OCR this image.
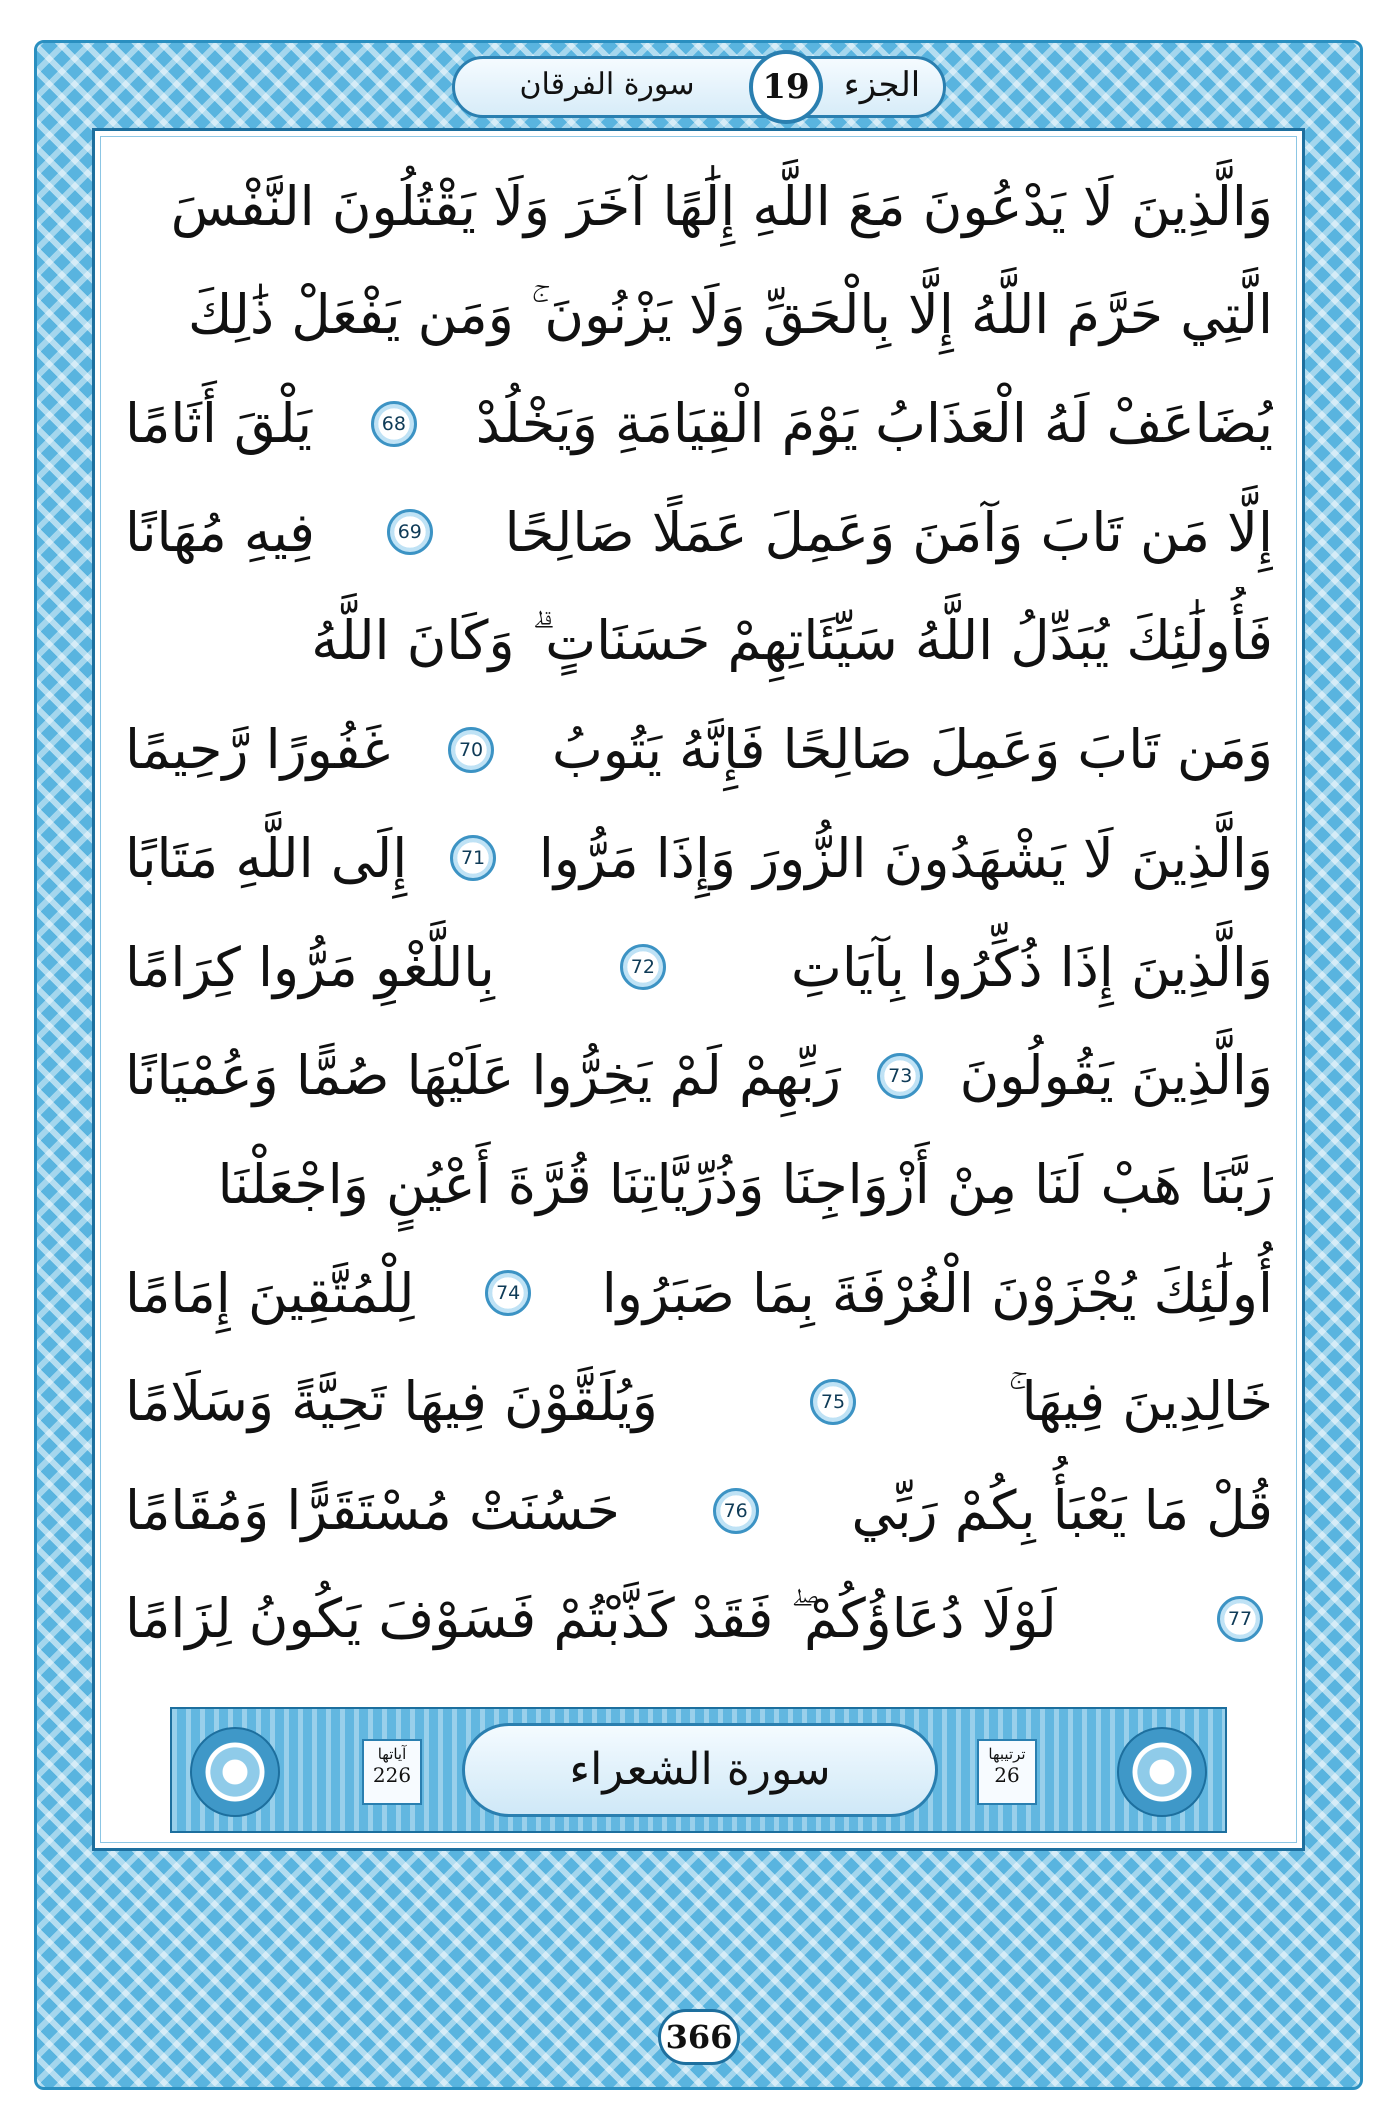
الجزء
19
سورة الفرقان
وَالَّذِينَ لَا يَدْعُونَ مَعَ اللَّهِ إِلَٰهًا آخَرَ وَلَا يَقْتُلُونَ النَّفْسَ
الَّتِي حَرَّمَ اللَّهُ إِلَّا بِالْحَقِّ وَلَا يَزْنُونَ ۚ وَمَن يَفْعَلْ ذَٰلِكَ
يُضَاعَفْ لَهُ الْعَذَابُ يَوْمَ الْقِيَامَةِ وَيَخْلُدْ
68
يَلْقَ أَثَامًا
إِلَّا مَن تَابَ وَآمَنَ وَعَمِلَ عَمَلًا صَالِحًا
69
فِيهِ مُهَانًا
فَأُولَٰئِكَ يُبَدِّلُ اللَّهُ سَيِّئَاتِهِمْ حَسَنَاتٍ ۗ وَكَانَ اللَّهُ
وَمَن تَابَ وَعَمِلَ صَالِحًا فَإِنَّهُ يَتُوبُ
70
غَفُورًا رَّحِيمًا
وَالَّذِينَ لَا يَشْهَدُونَ الزُّورَ وَإِذَا مَرُّوا
71
إِلَى اللَّهِ مَتَابًا
وَالَّذِينَ إِذَا ذُكِّرُوا بِآيَاتِ
72
بِاللَّغْوِ مَرُّوا كِرَامًا
وَالَّذِينَ يَقُولُونَ
73
رَبِّهِمْ لَمْ يَخِرُّوا عَلَيْهَا صُمًّا وَعُمْيَانًا
رَبَّنَا هَبْ لَنَا مِنْ أَزْوَاجِنَا وَذُرِّيَّاتِنَا قُرَّةَ أَعْيُنٍ وَاجْعَلْنَا
أُولَٰئِكَ يُجْزَوْنَ الْغُرْفَةَ بِمَا صَبَرُوا
74
لِلْمُتَّقِينَ إِمَامًا
خَالِدِينَ فِيهَا ۚ
75
وَيُلَقَّوْنَ فِيهَا تَحِيَّةً وَسَلَامًا
قُلْ مَا يَعْبَأُ بِكُمْ رَبِّي
76
حَسُنَتْ مُسْتَقَرًّا وَمُقَامًا
77
لَوْلَا دُعَاؤُكُمْ ۖ فَقَدْ كَذَّبْتُمْ فَسَوْفَ يَكُونُ لِزَامًا
آياتها
226	سورة الشعراء	ترتيبها
26
366
